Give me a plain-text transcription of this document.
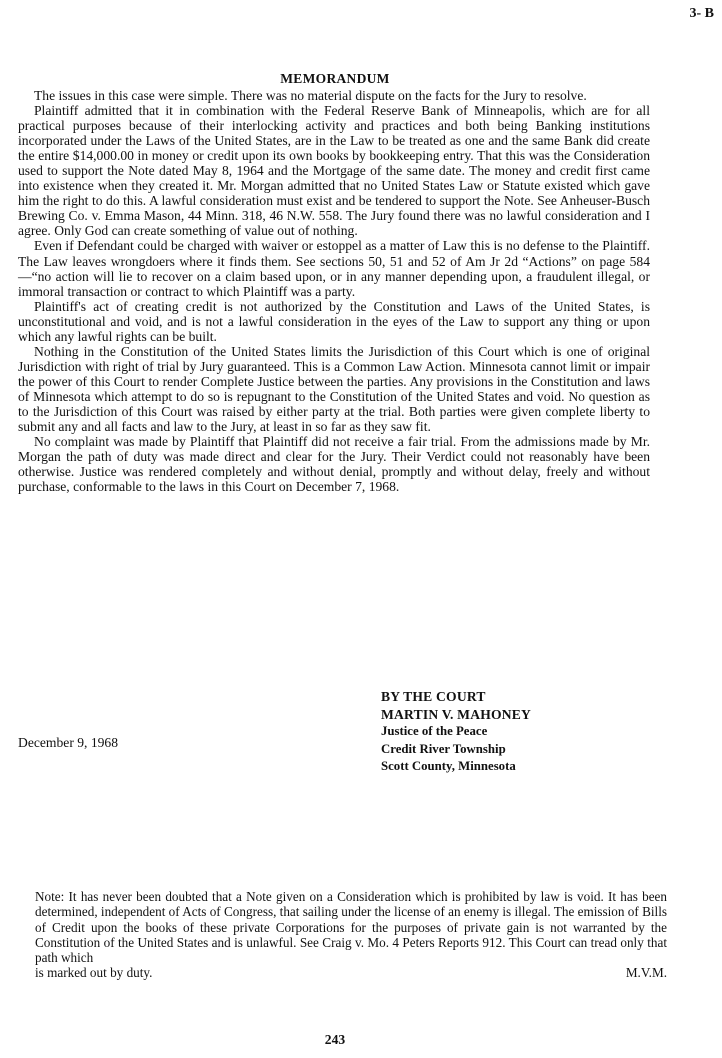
3- B
MEMORANDUM

The issues in this case were simple. There was no material dispute on the facts for the Jury to resolve.

Plaintiff admitted that it in combination with the Federal Reserve Bank of Minneapolis, which are for all practical purposes because of their interlocking activity and practices and both being Banking institutions incorporated under the Laws of the United States, are in the Law to be treated as one and the same Bank did create the entire $14,000.00 in money or credit upon its own books by bookkeeping entry. That this was the Consideration used to support the Note dated May 8, 1964 and the Mortgage of the same date. The money and credit first came into existence when they created it. Mr. Morgan admitted that no United States Law or Statute existed which gave him the right to do this. A lawful consideration must exist and be tendered to support the Note. See Anheuser-Busch Brewing Co. v. Emma Mason, 44 Minn. 318, 46 N.W. 558. The Jury found there was no lawful consideration and I agree. Only God can create something of value out of nothing.

Even if Defendant could be charged with waiver or estoppel as a matter of Law this is no defense to the Plaintiff. The Law leaves wrongdoers where it finds them. See sections 50, 51 and 52 of Am Jr 2d “Actions” on page 584—“no action will lie to recover on a claim based upon, or in any manner depending upon, a fraudulent illegal, or immoral transaction or contract to which Plaintiff was a party.

Plaintiff's act of creating credit is not authorized by the Constitution and Laws of the United States, is unconstitutional and void, and is not a lawful consideration in the eyes of the Law to support any thing or upon which any lawful rights can be built.

Nothing in the Constitution of the United States limits the Jurisdiction of this Court which is one of original Jurisdiction with right of trial by Jury guaranteed. This is a Common Law Action. Minnesota cannot limit or impair the power of this Court to render Complete Justice between the parties. Any provisions in the Constitution and laws of Minnesota which attempt to do so is repugnant to the Constitution of the United States and void. No question as to the Jurisdiction of this Court was raised by either party at the trial. Both parties were given complete liberty to submit any and all facts and law to the Jury, at least in so far as they saw fit.

No complaint was made by Plaintiff that Plaintiff did not receive a fair trial. From the admissions made by Mr. Morgan the path of duty was made direct and clear for the Jury. Their Verdict could not reasonably have been otherwise. Justice was rendered completely and without denial, promptly and without delay, freely and without purchase, conformable to the laws in this Court on December 7, 1968.

BY THE COURT
MARTIN V. MAHONEY
Justice of the Peace
Credit River Township
Scott County, Minnesota
December 9, 1968
Note: It has never been doubted that a Note given on a Consideration which is prohibited by law is void. It has been determined, independent of Acts of Congress, that sailing under the license of an enemy is illegal. The emission of Bills of Credit upon the books of these private Corporations for the purposes of private gain is not warranted by the Constitution of the United States and is unlawful. See Craig v. Mo. 4 Peters Reports 912. This Court can tread only that path which
is marked out by duty.	M.V.M.
243
